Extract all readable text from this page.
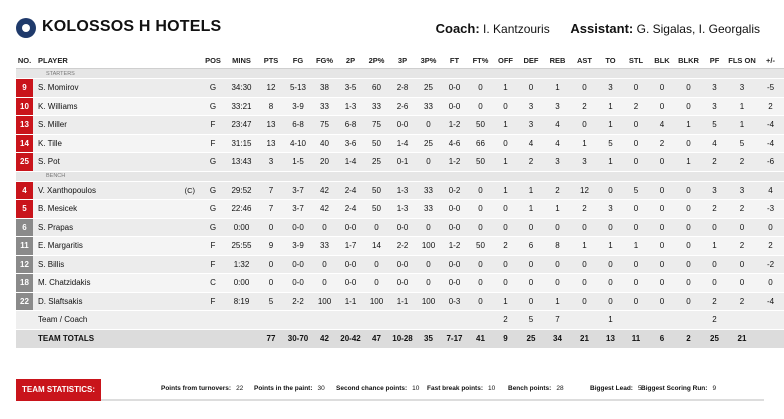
KOLOSSOS H HOTELS	Coach: I. Kantzouris Assistant: G. Sigalas, I. Georgalis
NO.	PLAYER	POS	MINS	PTS	FG	FG%	2P	2P%	3P	3P%	FT	FT%	OFF	DEF	REB	AST	TO	STL	BLK	BLKR	PF	FLS ON	+/-
STARTERS																							
9	S. Momirov	G	34:30	12	5-13	38	3-5	60	2-8	25	0-0	0	1	0	1	0	3	0	0	0	3	3	-5
10	K. Williams	G	33:21	8	3-9	33	1-3	33	2-6	33	0-0	0	0	3	3	2	1	2	0	0	3	1	2
13	S. Miller	F	23:47	13	6-8	75	6-8	75	0-0	0	1-2	50	1	3	4	0	1	0	4	1	5	1	-4
14	K. Tille	F	31:15	13	4-10	40	3-6	50	1-4	25	4-6	66	0	4	4	1	5	0	2	0	4	5	-4
25	S. Pot	G	13:43	3	1-5	20	1-4	25	0-1	0	1-2	50	1	2	3	3	1	0	0	1	2	2	-6
BENCH																							
4	V. Xanthopoulos (C)	G	29:52	7	3-7	42	2-4	50	1-3	33	0-2	0	1	1	2	12	0	5	0	0	3	3	4
5	B. Mesicek	G	22:46	7	3-7	42	2-4	50	1-3	33	0-0	0	0	1	1	2	3	0	0	0	2	2	-3
6	S. Prapas	G	0:00	0	0-0	0	0-0	0	0-0	0	0-0	0	0	0	0	0	0	0	0	0	0	0	0
11	E. Margaritis	F	25:55	9	3-9	33	1-7	14	2-2	100	1-2	50	2	6	8	1	1	1	0	0	1	2	2
12	S. Billis	F	1:32	0	0-0	0	0-0	0	0-0	0	0-0	0	0	0	0	0	0	0	0	0	0	0	-2
18	M. Chatzidakis	C	0:00	0	0-0	0	0-0	0	0-0	0	0-0	0	0	0	0	0	0	0	0	0	0	0	0
22	D. Slaftsakis	F	8:19	5	2-2	100	1-1	100	1-1	100	0-3	0	1	0	1	0	0	0	0	0	2	2	-4
	Team / Coach												2	5	7		1				2		
	TEAM TOTALS			77	30-70	42	20-42	47	10-28	35	7-17	41	9	25	34	21	13	11	6	2	25	21	
TEAM STATISTICS:	Points from turnovers: 22 Points in the paint: 30 Second chance points: 10 Fast break points: 10 Bench points: 28	Biggest Lead: 5 Biggest Scoring Run: 9
